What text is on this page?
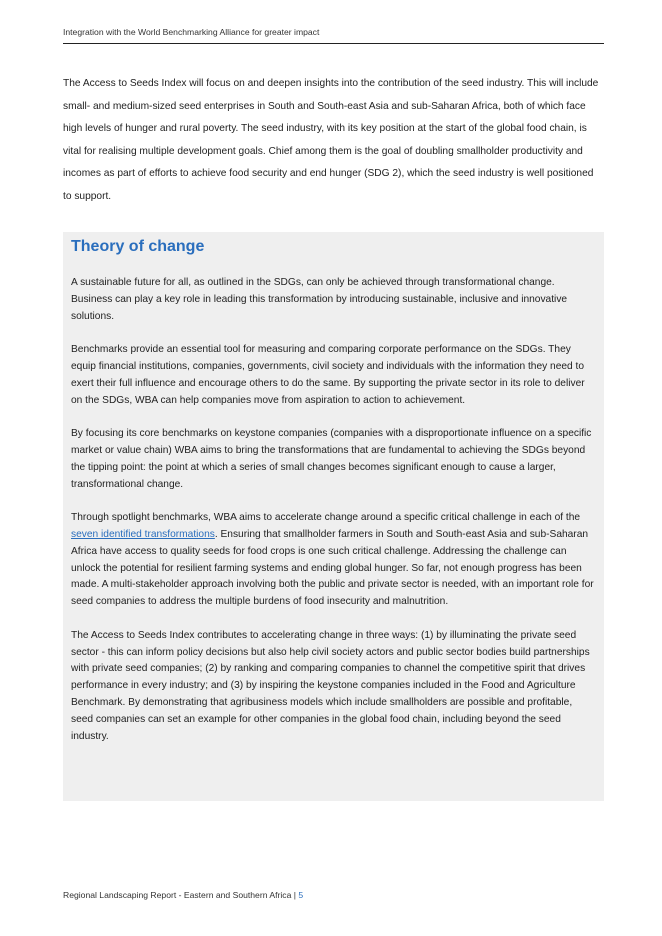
Integration with the World Benchmarking Alliance for greater impact

The Access to Seeds Index will focus on and deepen insights into the contribution of the seed industry. This will include small- and medium-sized seed enterprises in South and South-east Asia and sub-Saharan Africa, both of which face high levels of hunger and rural poverty. The seed industry, with its key position at the start of the global food chain, is vital for realising multiple development goals. Chief among them is the goal of doubling smallholder productivity and incomes as part of efforts to achieve food security and end hunger (SDG 2), which the seed industry is well positioned to support.

Theory of change

A sustainable future for all, as outlined in the SDGs, can only be achieved through transformational change. Business can play a key role in leading this transformation by introducing sustainable, inclusive and innovative solutions.

Benchmarks provide an essential tool for measuring and comparing corporate performance on the SDGs. They equip financial institutions, companies, governments, civil society and individuals with the information they need to exert their full influence and encourage others to do the same. By supporting the private sector in its role to deliver on the SDGs, WBA can help companies move from aspiration to action to achievement.

By focusing its core benchmarks on keystone companies (companies with a disproportionate influence on a specific market or value chain) WBA aims to bring the transformations that are fundamental to achieving the SDGs beyond the tipping point: the point at which a series of small changes becomes significant enough to cause a larger, transformational change.

Through spotlight benchmarks, WBA aims to accelerate change around a specific critical challenge in each of the seven identified transformations. Ensuring that smallholder farmers in South and South-east Asia and sub-Saharan Africa have access to quality seeds for food crops is one such critical challenge. Addressing the challenge can unlock the potential for resilient farming systems and ending global hunger. So far, not enough progress has been made. A multi-stakeholder approach involving both the public and private sector is needed, with an important role for seed companies to address the multiple burdens of food insecurity and malnutrition.

The Access to Seeds Index contributes to accelerating change in three ways: (1) by illuminating the private seed sector - this can inform policy decisions but also help civil society actors and public sector bodies build partnerships with private seed companies; (2) by ranking and comparing companies to channel the competitive spirit that drives performance in every industry; and (3) by inspiring the keystone companies included in the Food and Agriculture Benchmark. By demonstrating that agribusiness models which include smallholders are possible and profitable, seed companies can set an example for other companies in the global food chain, including beyond the seed industry.

Regional Landscaping Report - Eastern and Southern Africa | 5
